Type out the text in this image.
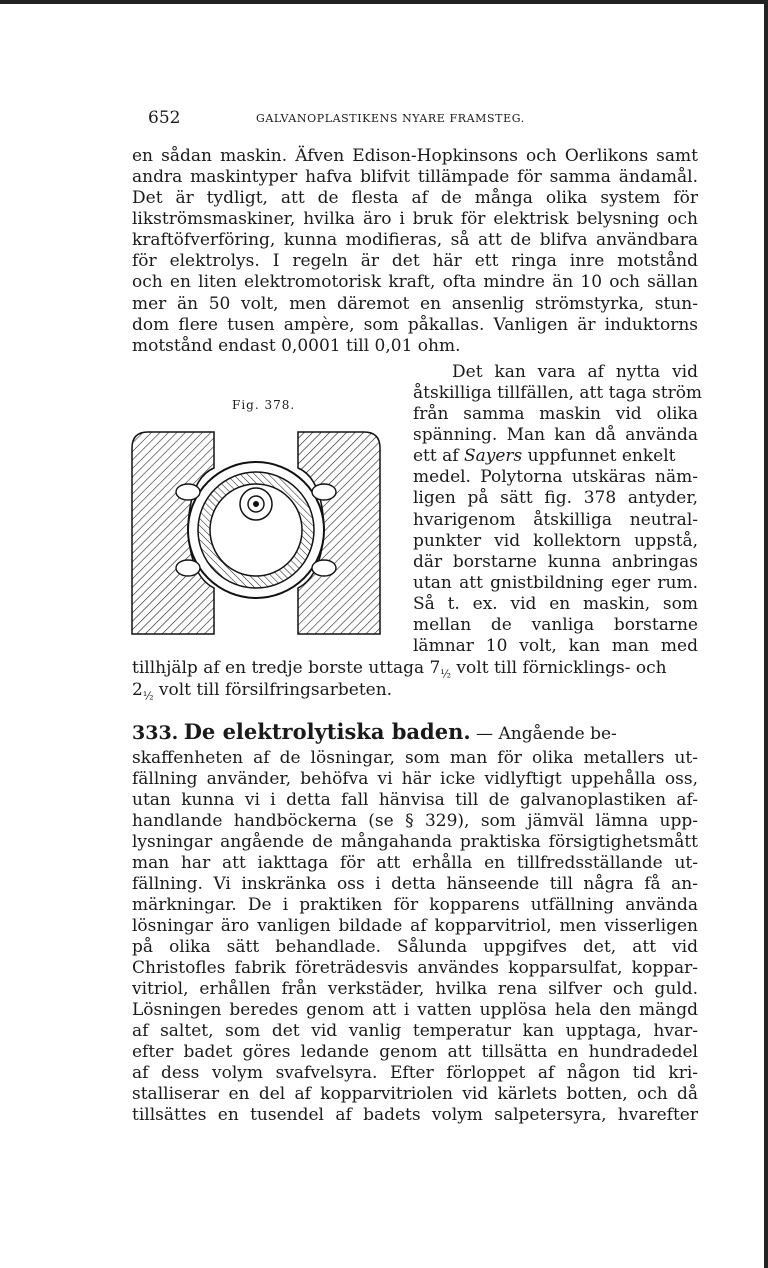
652	GALVANOPLASTIKENS NYARE FRAMSTEG.
en sådan maskin. Äfven Edison-Hopkinsons och Oerlikons samt
andra maskintyper hafva blifvit tillämpade för samma ändamål.
Det är tydligt, att de flesta af de många olika system för
likströmsmaskiner, hvilka äro i bruk för elektrisk belysning och
kraftöfverföring, kunna modifieras, så att de blifva användbara
för elektrolys. I regeln är det här ett ringa inre motstånd
och en liten elektromotorisk kraft, ofta mindre än 10 och sällan
mer än 50 volt, men däremot en ansenlig strömstyrka, stun-
dom flere tusen ampère, som påkallas. Vanligen är induktorns
motstånd endast 0,0001 till 0,01 ohm.
Fig. 378.
Det kan vara af nytta vid
åtskilliga tillfällen, att taga ström
från samma maskin vid olika
spänning. Man kan då använda
ett af Sayers uppfunnet enkelt
medel. Polytorna utskäras näm-
ligen på sätt fig. 378 antyder,
hvarigenom åtskilliga neutral-
punkter vid kollektorn uppstå,
där borstarne kunna anbringas
utan att gnistbildning eger rum.
Så t. ex. vid en maskin, som
mellan de vanliga borstarne
lämnar 10 volt, kan man med
tillhjälp af en tredje borste uttaga $7_{\frac{1}{2}}$ volt till förnicklings- och
$2_{\frac{1}{2}}$ volt till försilfringsarbeten.
333. De elektrolytiska baden. — Angående be-
skaffenheten af de lösningar, som man för olika metallers ut-
fällning använder, behöfva vi här icke vidlyftigt uppehålla oss,
utan kunna vi i detta fall hänvisa till de galvanoplastiken af-
handlande handböckerna (se § 329), som jämväl lämna upp-
lysningar angående de mångahanda praktiska försigtighetsmått
man har att iakttaga för att erhålla en tillfredsställande ut-
fällning. Vi inskränka oss i detta hänseende till några få an-
märkningar. De i praktiken för kopparens utfällning använda
lösningar äro vanligen bildade af kopparvitriol, men visserligen
på olika sätt behandlade. Sålunda uppgifves det, att vid
Christofles fabrik företrädesvis användes kopparsulfat, koppar-
vitriol, erhållen från verkstäder, hvilka rena silfver och guld.
Lösningen beredes genom att i vatten upplösa hela den mängd
af saltet, som det vid vanlig temperatur kan upptaga, hvar-
efter badet göres ledande genom att tillsätta en hundradedel
af dess volym svafvelsyra. Efter förloppet af någon tid kri-
stalliserar en del af kopparvitriolen vid kärlets botten, och då
tillsättes en tusendel af badets volym salpetersyra, hvarefter
